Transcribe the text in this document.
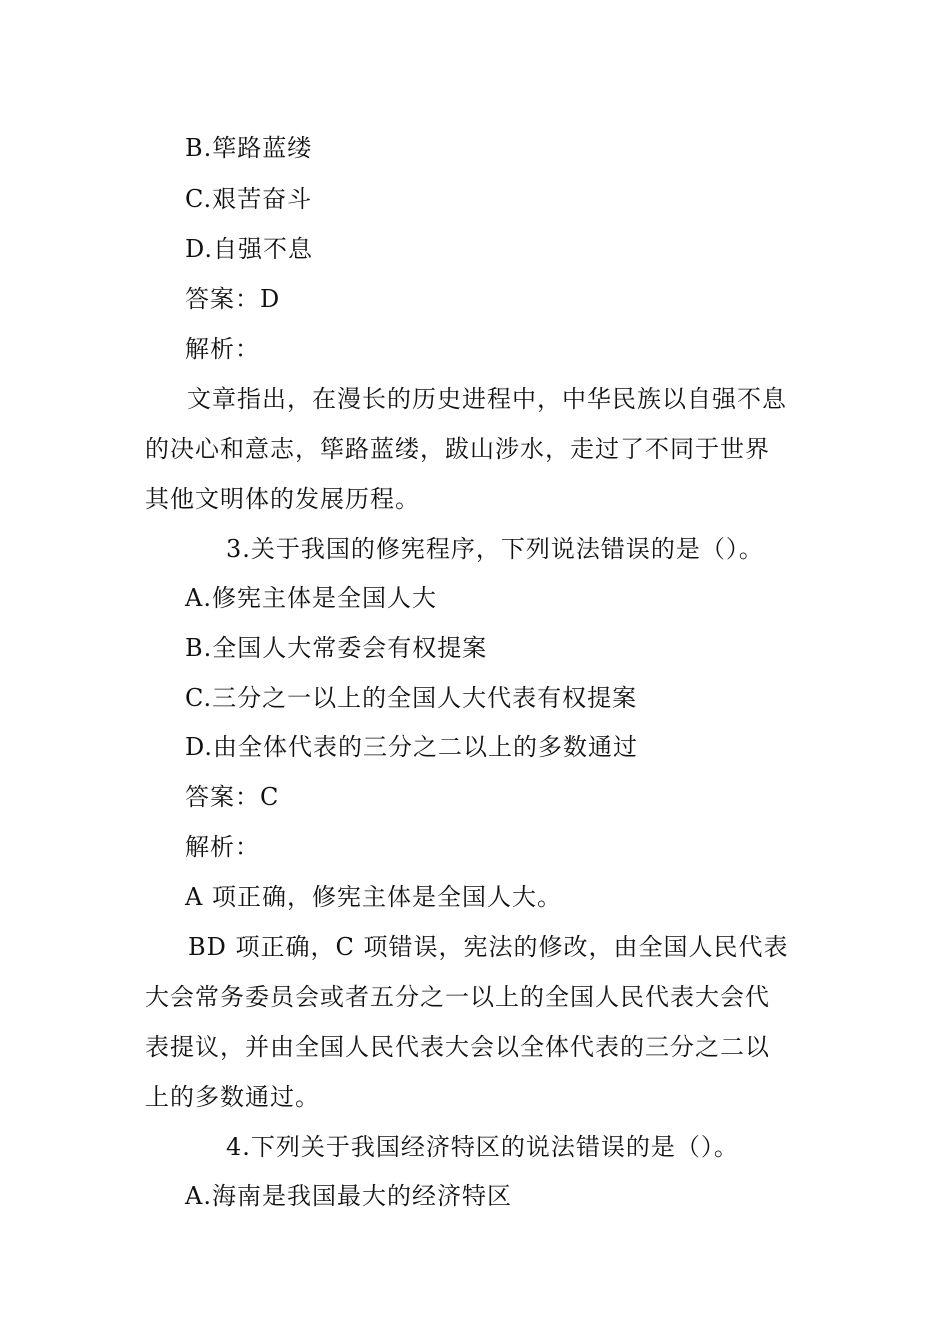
B.筚路蓝缕
C.艰苦奋斗
D.自强不息
答案：D
解析：
文章指出，在漫长的历史进程中，中华民族以自强不息
的决心和意志，筚路蓝缕，跋山涉水，走过了不同于世界
其他文明体的发展历程。
3.关于我国的修宪程序，下列说法错误的是（）。
A.修宪主体是全国人大
B.全国人大常委会有权提案
C.三分之一以上的全国人大代表有权提案
D.由全体代表的三分之二以上的多数通过
答案：C
解析：
A 项正确，修宪主体是全国人大。
BD 项正确，C 项错误，宪法的修改，由全国人民代表
大会常务委员会或者五分之一以上的全国人民代表大会代
表提议，并由全国人民代表大会以全体代表的三分之二以
上的多数通过。
4.下列关于我国经济特区的说法错误的是（）。
A.海南是我国最大的经济特区
